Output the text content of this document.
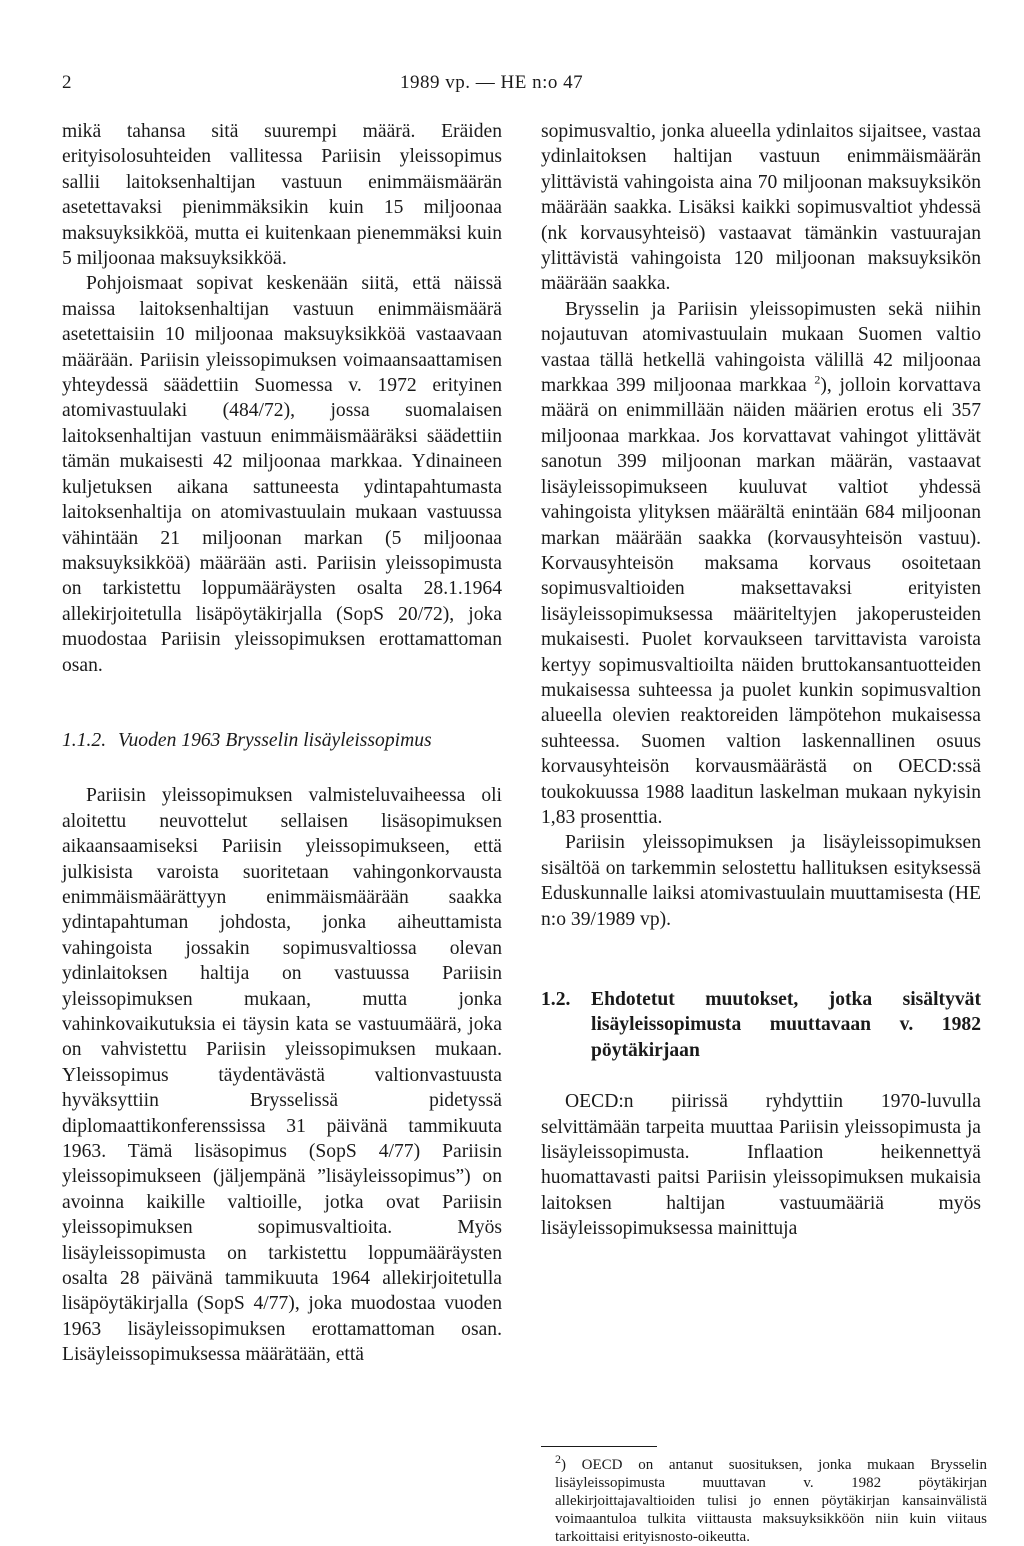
2	1989 vp. — HE n:o 47

mikä tahansa sitä suurempi määrä. Eräiden erityisolosuhteiden vallitessa Pariisin yleissopimus sallii laitoksenhaltijan vastuun enimmäismäärän asetettavaksi pienimmäksikin kuin 15 miljoonaa maksuyksikköä, mutta ei kuitenkaan pienemmäksi kuin 5 miljoonaa maksuyksikköä.

Pohjoismaat sopivat keskenään siitä, että näissä maissa laitoksenhaltijan vastuun enimmäismäärä asetettaisiin 10 miljoonaa maksuyksikköä vastaavaan määrään. Pariisin yleissopimuksen voimaansaattamisen yhteydessä säädettiin Suomessa v. 1972 erityinen atomivastuulaki (484/72), jossa suomalaisen laitoksenhaltijan vastuun enimmäismääräksi säädettiin tämän mukaisesti 42 miljoonaa markkaa. Ydinaineen kuljetuksen aikana sattuneesta ydintapahtumasta laitoksenhaltija on atomivastuulain mukaan vastuussa vähintään 21 miljoonan markan (5 miljoonaa maksuyksikköä) määrään asti. Pariisin yleissopimusta on tarkistettu loppumääräysten osalta 28.1.1964 allekirjoitetulla lisäpöytäkirjalla (SopS 20/72), joka muodostaa Pariisin yleissopimuksen erottamattoman osan.

1.1.2. Vuoden 1963 Brysselin lisäyleissopimus

Pariisin yleissopimuksen valmisteluvaiheessa oli aloitettu neuvottelut sellaisen lisäsopimuksen aikaansaamiseksi Pariisin yleissopimukseen, että julkisista varoista suoritetaan vahingonkorvausta enimmäismäärättyyn enimmäismäärään saakka ydintapahtuman johdosta, jonka aiheuttamista vahingoista jossakin sopimusvaltiossa olevan ydinlaitoksen haltija on vastuussa Pariisin yleissopimuksen mukaan, mutta jonka vahinkovaikutuksia ei täysin kata se vastuumäärä, joka on vahvistettu Pariisin yleissopimuksen mukaan. Yleissopimus täydentävästä valtionvastuusta hyväksyttiin Brysselissä pidetyssä diplomaattikonferenssissa 31 päivänä tammikuuta 1963. Tämä lisäsopimus (SopS 4/77) Pariisin yleissopimukseen (jäljempänä ”lisäyleissopimus”) on avoinna kaikille valtioille, jotka ovat Pariisin yleissopimuksen sopimusvaltioita. Myös lisäyleissopimusta on tarkistettu loppumääräysten osalta 28 päivänä tammikuuta 1964 allekirjoitetulla lisäpöytäkirjalla (SopS 4/77), joka muodostaa vuoden 1963 lisäyleissopimuksen erottamattoman osan. Lisäyleissopimuksessa määrätään, että

sopimusvaltio, jonka alueella ydinlaitos sijaitsee, vastaa ydinlaitoksen haltijan vastuun enimmäismäärän ylittävistä vahingoista aina 70 miljoonan maksuyksikön määrään saakka. Lisäksi kaikki sopimusvaltiot yhdessä (nk korvausyhteisö) vastaavat tämänkin vastuurajan ylittävistä vahingoista 120 miljoonan maksuyksikön määrään saakka.

Brysselin ja Pariisin yleissopimusten sekä niihin nojautuvan atomivastuulain mukaan Suomen valtio vastaa tällä hetkellä vahingoista välillä 42 miljoonaa markkaa 399 miljoonaa markkaa $^2$), jolloin korvattava määrä on enimmillään näiden määrien erotus eli 357 miljoonaa markkaa. Jos korvattavat vahingot ylittävät sanotun 399 miljoonan markan määrän, vastaavat lisäyleissopimukseen kuuluvat valtiot yhdessä vahingoista ylityksen määrältä enintään 684 miljoonan markan määrään saakka (korvausyhteisön vastuu). Korvausyhteisön maksama korvaus osoitetaan sopimusvaltioiden maksettavaksi erityisten lisäyleissopimuksessa määriteltyjen jakoperusteiden mukaisesti. Puolet korvaukseen tarvittavista varoista kertyy sopimusvaltioilta näiden bruttokansantuotteiden mukaisessa suhteessa ja puolet kunkin sopimusvaltion alueella olevien reaktoreiden lämpötehon mukaisessa suhteessa. Suomen valtion laskennallinen osuus korvausyhteisön korvausmäärästä on OECD:ssä toukokuussa 1988 laaditun laskelman mukaan nykyisin 1,83 prosenttia.

Pariisin yleissopimuksen ja lisäyleissopimuksen sisältöä on tarkemmin selostettu hallituksen esityksessä Eduskunnalle laiksi atomivastuulain muuttamisesta (HE n:o 39/1989 vp).

1.2.	Ehdotetut muutokset, jotka sisältyvät lisäyleissopimusta muuttavaan v. 1982 pöytäkirjaan

OECD:n piirissä ryhdyttiin 1970-luvulla selvittämään tarpeita muuttaa Pariisin yleissopimusta ja lisäyleissopimusta. Inflaation heikennettyä huomattavasti paitsi Pariisin yleissopimuksen mukaisia laitoksen haltijan vastuumääriä myös lisäyleissopimuksessa mainittuja

$^2$) OECD on antanut suosituksen, jonka mukaan Brysselin lisäyleissopimusta muuttavan v. 1982 pöytäkirjan allekirjoittajavaltioiden tulisi jo ennen pöytäkirjan kansainvälistä voimaantuloa tulkita viittausta maksuyksikköön niin kuin viitaus tarkoittaisi erityisnosto-oikeutta.
